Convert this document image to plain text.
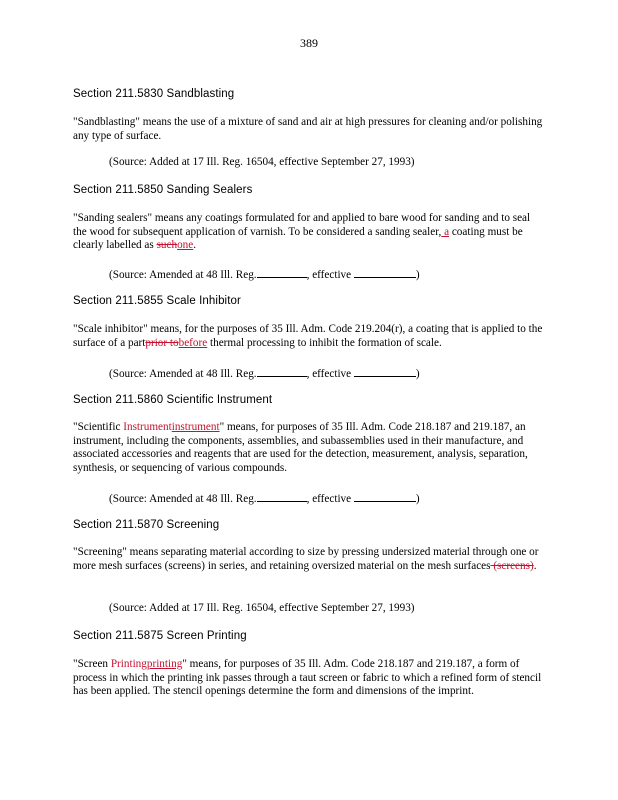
389
Section 211.5830 Sandblasting

"Sandblasting" means the use of a mixture of sand and air at high pressures for cleaning and/or polishing any type of surface.

(Source: Added at 17 Ill. Reg. 16504, effective September 27, 1993)
Section 211.5850 Sanding Sealers

"Sanding sealers" means any coatings formulated for and applied to bare wood for sanding and to seal the wood for subsequent application of varnish. To be considered a sanding sealer, a coating must be clearly labelled as suchone.

(Source: Amended at 48 Ill. Reg.	, effective	)
Section 211.5855 Scale Inhibitor

"Scale inhibitor" means, for the purposes of 35 Ill. Adm. Code 219.204(r), a coating that is applied to the surface of a partprior tobefore thermal processing to inhibit the formation of scale.

(Source: Amended at 48 Ill. Reg.	, effective	)
Section 211.5860 Scientific Instrument

"Scientific Instrumentinstrument" means, for purposes of 35 Ill. Adm. Code 218.187 and 219.187, an instrument, including the components, assemblies, and subassemblies used in their manufacture, and associated accessories and reagents that are used for the detection, measurement, analysis, separation, synthesis, or sequencing of various compounds.

(Source: Amended at 48 Ill. Reg.	, effective	)
Section 211.5870 Screening

"Screening" means separating material according to size by pressing undersized material through one or more mesh surfaces (screens) in series, and retaining oversized material on the mesh surfaces (screens).

(Source: Added at 17 Ill. Reg. 16504, effective September 27, 1993)
Section 211.5875 Screen Printing

"Screen Printingprinting" means, for purposes of 35 Ill. Adm. Code 218.187 and 219.187, a form of process in which the printing ink passes through a taut screen or fabric to which a refined form of stencil has been applied. The stencil openings determine the form and dimensions of the imprint.
